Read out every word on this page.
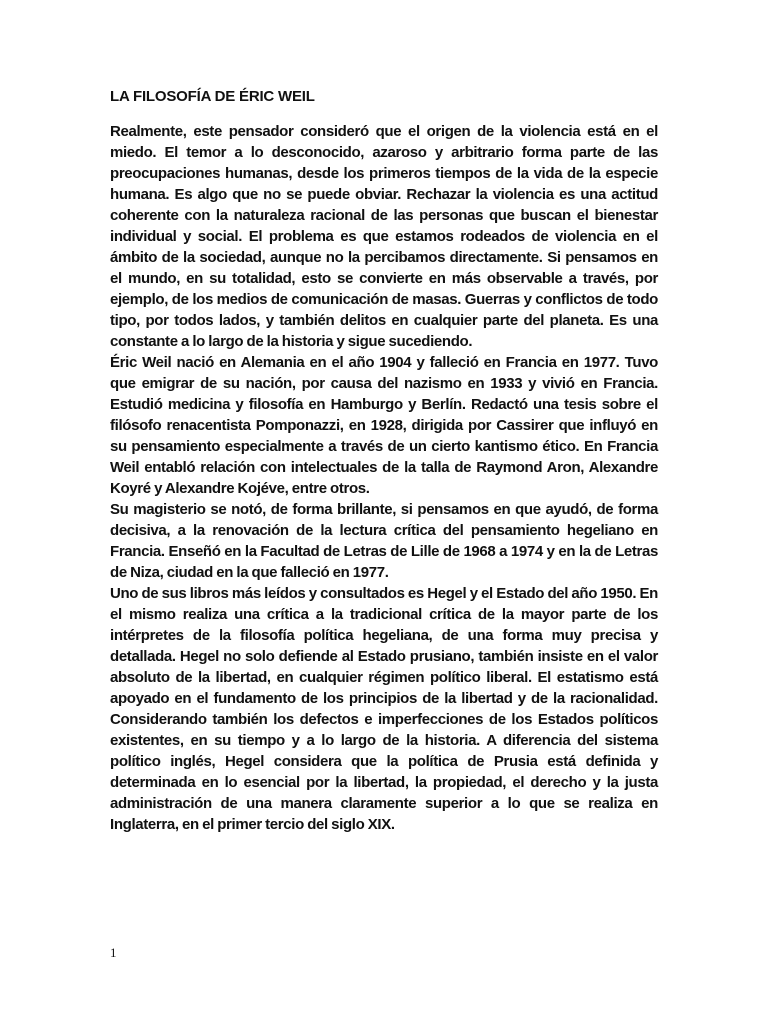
LA FILOSOFÍA DE ÉRIC WEIL

Realmente, este pensador consideró que el origen de la violencia está en el miedo. El temor a lo desconocido, azaroso y arbitrario forma parte de las preocupaciones humanas, desde los primeros tiempos de la vida de la especie humana. Es algo que no se puede obviar. Rechazar la violencia es una actitud coherente con la naturaleza racional de las personas que buscan el bienestar individual y social. El problema es que estamos rodeados de violencia en el ámbito de la sociedad, aunque no la percibamos directamente. Si pensamos en el mundo, en su totalidad, esto se convierte en más observable a través, por ejemplo, de los medios de comunicación de masas. Guerras y conflictos de todo tipo, por todos lados, y también delitos en cualquier parte del planeta. Es una constante a lo largo de la historia y sigue sucediendo.

Éric Weil nació en Alemania en el año 1904 y falleció en Francia en 1977. Tuvo que emigrar de su nación, por causa del nazismo en 1933 y vivió en Francia. Estudió medicina y filosofía en Hamburgo y Berlín. Redactó una tesis sobre el filósofo renacentista Pomponazzi, en 1928, dirigida por Cassirer que influyó en su pensamiento especialmente a través de un cierto kantismo ético. En Francia Weil entabló relación con intelectuales de la talla de Raymond Aron, Alexandre Koyré y Alexandre Kojéve, entre otros.

Su magisterio se notó, de forma brillante, si pensamos en que ayudó, de forma decisiva, a la renovación de la lectura crítica del pensamiento hegeliano en Francia. Enseñó en la Facultad de Letras de Lille de 1968 a 1974 y en la de Letras de Niza, ciudad en la que falleció en 1977.

Uno de sus libros más leídos y consultados es Hegel y el Estado del año 1950. En el mismo realiza una crítica a la tradicional crítica de la mayor parte de los intérpretes de la filosofía política hegeliana, de una forma muy precisa y detallada. Hegel no solo defiende al Estado prusiano, también insiste en el valor absoluto de la libertad, en cualquier régimen político liberal. El estatismo está apoyado en el fundamento de los principios de la libertad y de la racionalidad. Considerando también los defectos e imperfecciones de los Estados políticos existentes, en su tiempo y a lo largo de la historia. A diferencia del sistema político inglés, Hegel considera que la política de Prusia está definida y determinada en lo esencial por la libertad, la propiedad, el derecho y la justa administración de una manera claramente superior a lo que se realiza en Inglaterra, en el primer tercio del siglo XIX.

1
